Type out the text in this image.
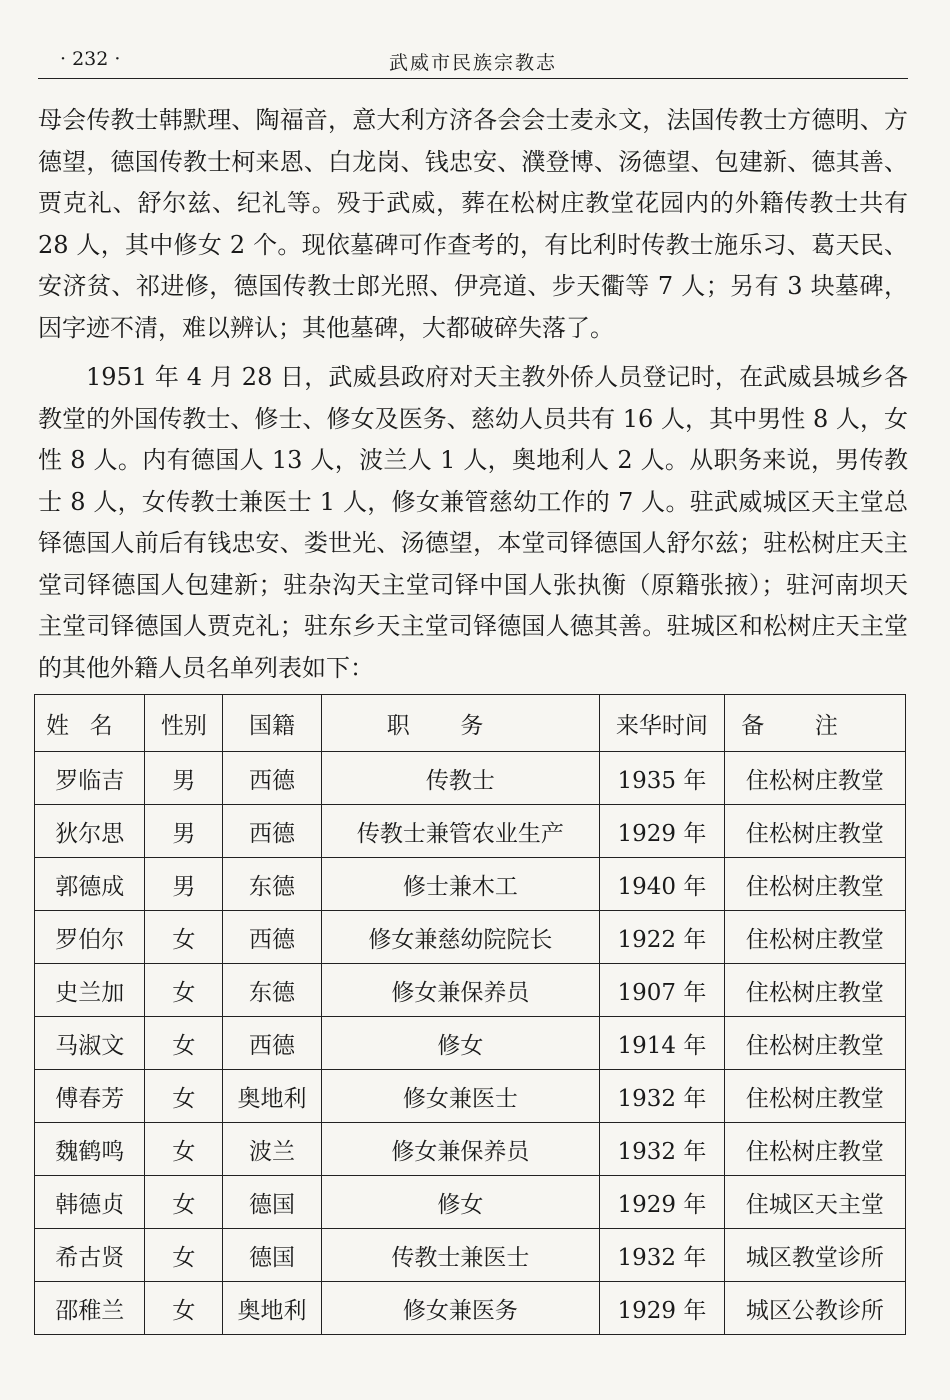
· 232 ·	武威市民族宗教志

母会传教士韩默理、陶福音，意大利方济各会会士麦永文，法国传教士方德明、方德望，德国传教士柯来恩、白龙岗、钱忠安、濮登博、汤德望、包建新、德其善、贾克礼、舒尔兹、纪礼等。殁于武威，葬在松树庄教堂花园内的外籍传教士共有 28 人，其中修女 2 个。现依墓碑可作查考的，有比利时传教士施乐习、葛天民、安济贫、祁进修，德国传教士郎光照、伊亮道、步天衢等 7 人；另有 3 块墓碑，因字迹不清，难以辨认；其他墓碑，大都破碎失落了。

1951 年 4 月 28 日，武威县政府对天主教外侨人员登记时，在武威县城乡各教堂的外国传教士、修士、修女及医务、慈幼人员共有 16 人，其中男性 8 人，女性 8 人。内有德国人 13 人，波兰人 1 人，奥地利人 2 人。从职务来说，男传教士 8 人，女传教士兼医士 1 人，修女兼管慈幼工作的 7 人。驻武威城区天主堂总铎德国人前后有钱忠安、娄世光、汤德望，本堂司铎德国人舒尔兹；驻松树庄天主堂司铎德国人包建新；驻杂沟天主堂司铎中国人张执衡（原籍张掖）；驻河南坝天主堂司铎德国人贾克礼；驻东乡天主堂司铎德国人德其善。驻城区和松树庄天主堂的其他外籍人员名单列表如下：

姓名	性别	国籍	职务	来华时间	备注
罗临吉	男	西德	传教士	1935 年	住松树庄教堂
狄尔思	男	西德	传教士兼管农业生产	1929 年	住松树庄教堂
郭德成	男	东德	修士兼木工	1940 年	住松树庄教堂
罗伯尔	女	西德	修女兼慈幼院院长	1922 年	住松树庄教堂
史兰加	女	东德	修女兼保养员	1907 年	住松树庄教堂
马淑文	女	西德	修女	1914 年	住松树庄教堂
傅春芳	女	奥地利	修女兼医士	1932 年	住松树庄教堂
魏鹤鸣	女	波兰	修女兼保养员	1932 年	住松树庄教堂
韩德贞	女	德国	修女	1929 年	住城区天主堂
希古贤	女	德国	传教士兼医士	1932 年	城区教堂诊所
邵稚兰	女	奥地利	修女兼医务	1929 年	城区公教诊所
